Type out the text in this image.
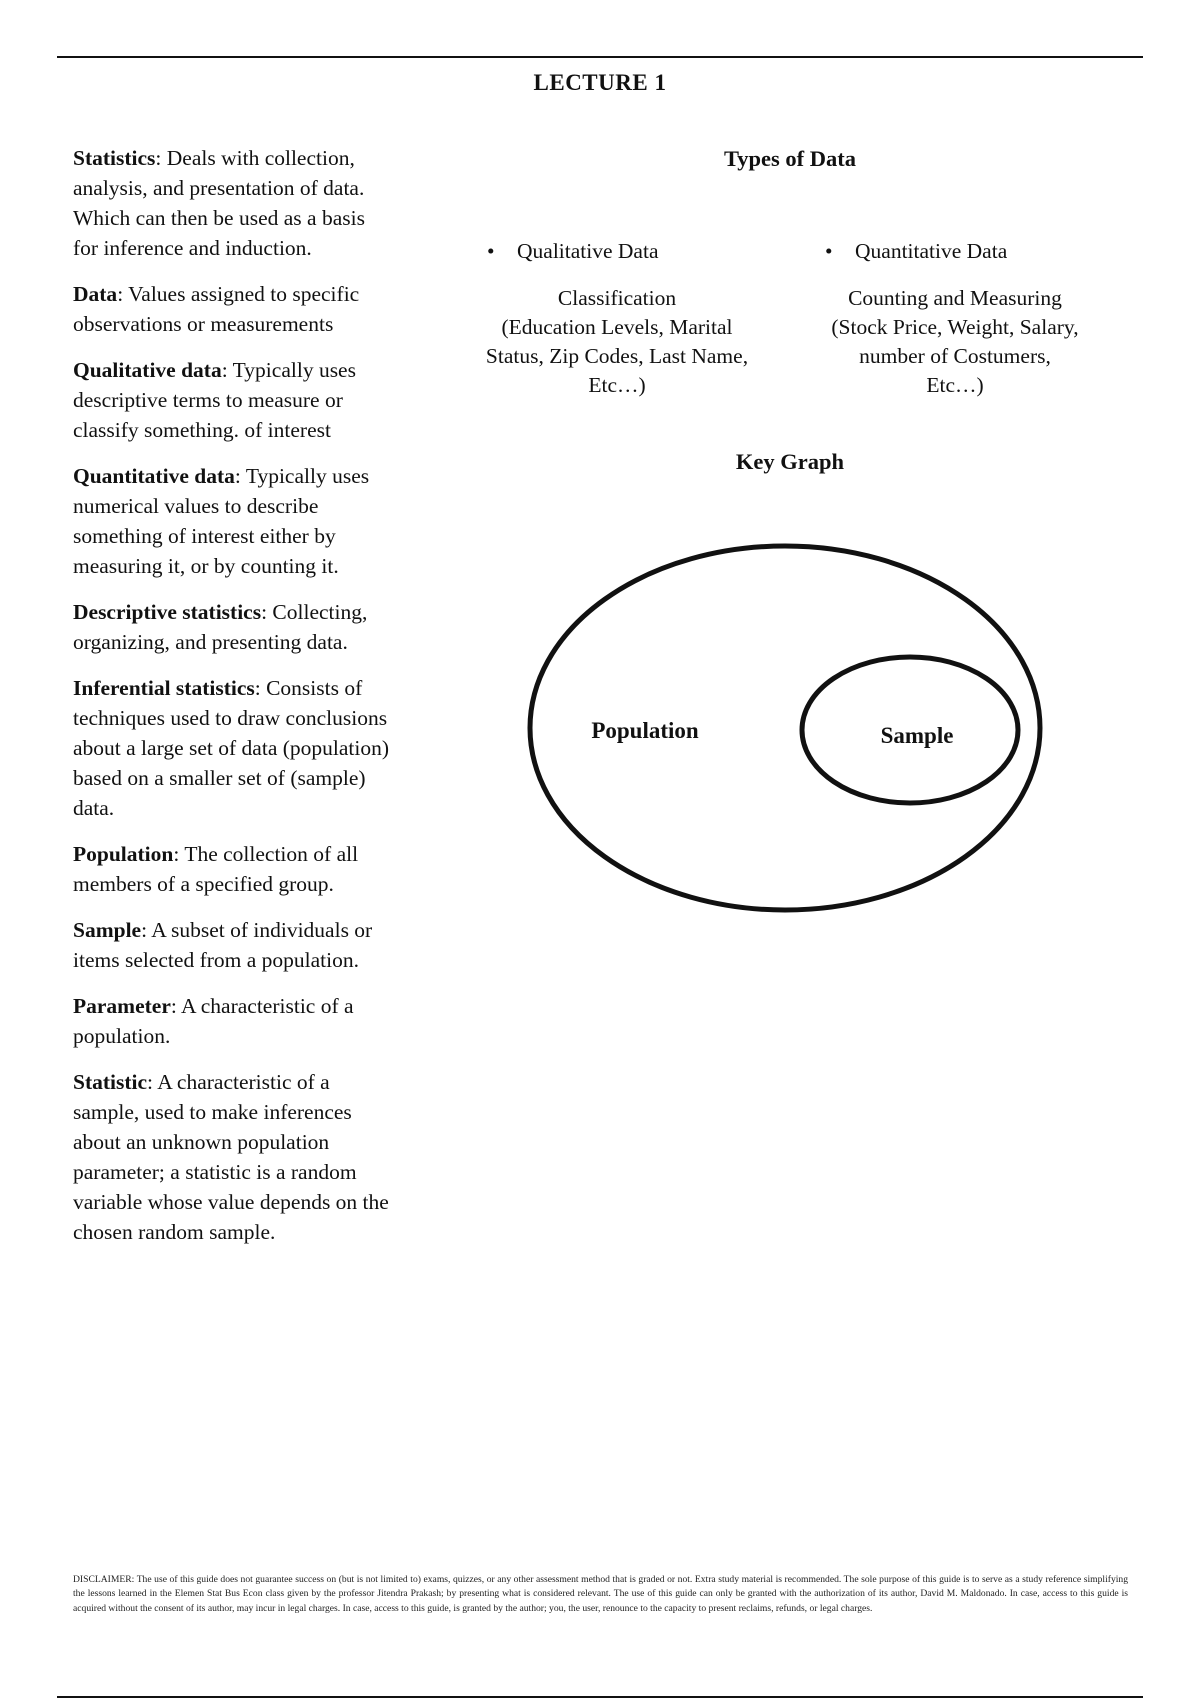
LECTURE 1

Statistics: Deals with collection, analysis, and presentation of data. Which can then be used as a basis for inference and induction.

Data: Values assigned to specific observations or measurements

Qualitative data: Typically uses descriptive terms to measure or classify something. of interest

Quantitative data: Typically uses numerical values to describe something of interest either by measuring it, or by counting it.

Descriptive statistics: Collecting, organizing, and presenting data.

Inferential statistics: Consists of techniques used to draw conclusions about a large set of data (population) based on a smaller set of (sample) data.

Population: The collection of all members of a specified group.

Sample: A subset of individuals or items selected from a population.

Parameter: A characteristic of a population.

Statistic: A characteristic of a sample, used to make inferences about an unknown population parameter; a statistic is a random variable whose value depends on the chosen random sample.

Types of Data
• Qualitative Data
Classification
(Education Levels, Marital
Status, Zip Codes, Last Name,
Etc…)
• Quantitative Data
Counting and Measuring
(Stock Price, Weight, Salary,
number of Costumers,
Etc…)
Key Graph
Population	Sample
DISCLAIMER: The use of this guide does not guarantee success on (but is not limited to) exams, quizzes, or any other assessment method that is graded or not. Extra study material is recommended. The sole purpose of this guide is to serve as a study reference simplifying the lessons learned in the Elemen Stat Bus Econ class given by the professor Jitendra Prakash; by presenting what is considered relevant. The use of this guide can only be granted with the authorization of its author, David M. Maldonado. In case, access to this guide is acquired without the consent of its author, may incur in legal charges. In case, access to this guide, is granted by the author; you, the user, renounce to the capacity to present reclaims, refunds, or legal charges.
